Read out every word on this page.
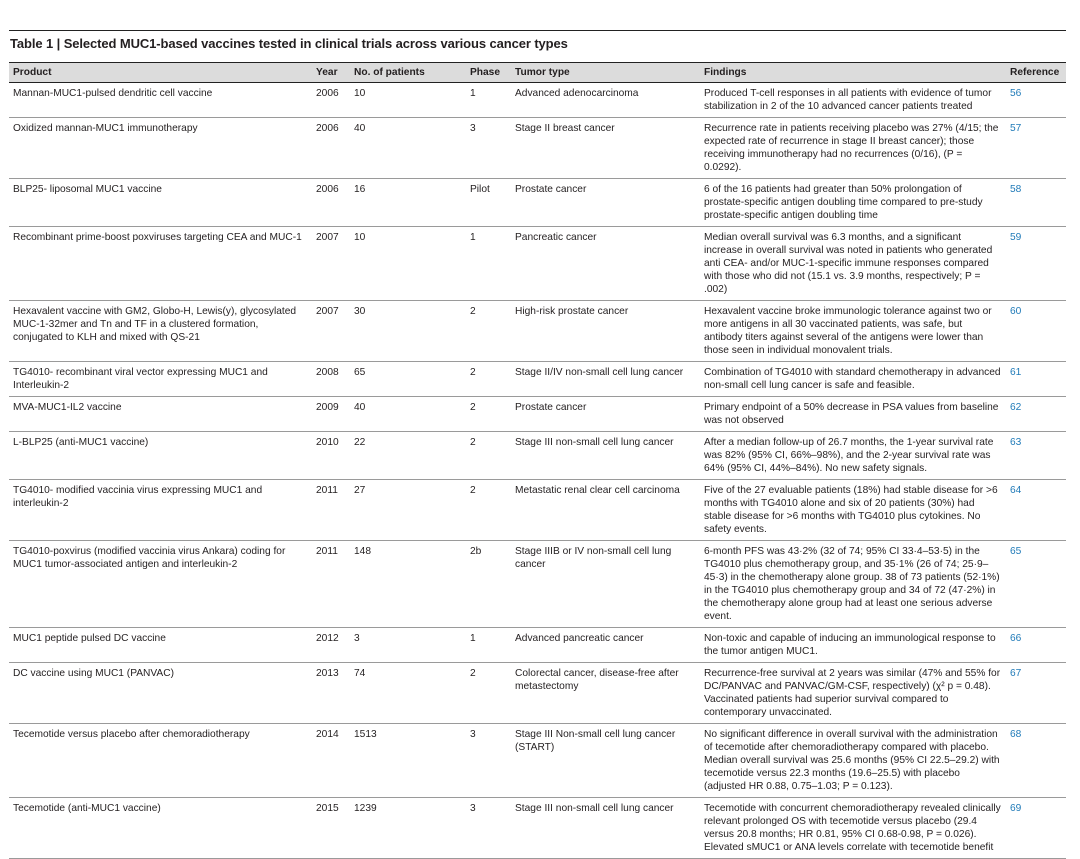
Table 1 | Selected MUC1-based vaccines tested in clinical trials across various cancer types
Product	Year	No. of patients	Phase	Tumor type	Findings	Reference
Mannan-MUC1-pulsed dendritic cell vaccine	2006	10	1	Advanced adenocarcinoma	Produced T-cell responses in all patients with evidence of tumor stabilization in 2 of the 10 advanced cancer patients treated	56
Oxidized mannan-MUC1 immunotherapy	2006	40	3	Stage II breast cancer	Recurrence rate in patients receiving placebo was 27% (4/15; the expected rate of recurrence in stage II breast cancer); those receiving immunotherapy had no recurrences (0/16), (P = 0.0292).	57
BLP25- liposomal MUC1 vaccine	2006	16	Pilot	Prostate cancer	6 of the 16 patients had greater than 50% prolongation of prostate-specific antigen doubling time compared to pre-study prostate-specific antigen doubling time	58
Recombinant prime-boost poxviruses targeting CEA and MUC-1	2007	10	1	Pancreatic cancer	Median overall survival was 6.3 months, and a significant increase in overall survival was noted in patients who generated anti CEA- and/or MUC-1-specific immune responses compared with those who did not (15.1 vs. 3.9 months, respectively; P = .002)	59
Hexavalent vaccine with GM2, Globo-H, Lewis(y), glycosylated MUC-1-32mer and Tn and TF in a clustered formation, conjugated to KLH and mixed with QS-21	2007	30	2	High-risk prostate cancer	Hexavalent vaccine broke immunologic tolerance against two or more antigens in all 30 vaccinated patients, was safe, but antibody titers against several of the antigens were lower than those seen in individual monovalent trials.	60
TG4010- recombinant viral vector expressing MUC1 and Interleukin-2	2008	65	2	Stage II/IV non-small cell lung cancer	Combination of TG4010 with standard chemotherapy in advanced non-small cell lung cancer is safe and feasible.	61
MVA-MUC1-IL2 vaccine	2009	40	2	Prostate cancer	Primary endpoint of a 50% decrease in PSA values from baseline was not observed	62
L-BLP25 (anti-MUC1 vaccine)	2010	22	2	Stage III non-small cell lung cancer	After a median follow-up of 26.7 months, the 1-year survival rate was 82% (95% CI, 66%–98%), and the 2-year survival rate was 64% (95% CI, 44%–84%). No new safety signals.	63
TG4010- modified vaccinia virus expressing MUC1 and interleukin-2	2011	27	2	Metastatic renal clear cell carcinoma	Five of the 27 evaluable patients (18%) had stable disease for >6 months with TG4010 alone and six of 20 patients (30%) had stable disease for >6 months with TG4010 plus cytokines. No safety events.	64
TG4010-poxvirus (modified vaccinia virus Ankara) coding for MUC1 tumor-associated antigen and interleukin-2	2011	148	2b	Stage IIIB or IV non-small cell lung cancer	6-month PFS was 43·2% (32 of 74; 95% CI 33·4–53·5) in the TG4010 plus chemotherapy group, and 35·1% (26 of 74; 25·9–45·3) in the chemotherapy alone group. 38 of 73 patients (52·1%) in the TG4010 plus chemotherapy group and 34 of 72 (47·2%) in the chemotherapy alone group had at least one serious adverse event.	65
MUC1 peptide pulsed DC vaccine	2012	3	1	Advanced pancreatic cancer	Non-toxic and capable of inducing an immunological response to the tumor antigen MUC1.	66
DC vaccine using MUC1 (PANVAC)	2013	74	2	Colorectal cancer, disease-free after metastectomy	Recurrence-free survival at 2 years was similar (47% and 55% for DC/PANVAC and PANVAC/GM-CSF, respectively) (χ² p = 0.48). Vaccinated patients had superior survival compared to contemporary unvaccinated.	67
Tecemotide versus placebo after chemoradiotherapy	2014	1513	3	Stage III Non-small cell lung cancer (START)	No significant difference in overall survival with the administration of tecemotide after chemoradiotherapy compared with placebo. Median overall survival was 25.6 months (95% CI 22.5–29.2) with tecemotide versus 22.3 months (19.6–25.5) with placebo (adjusted HR 0.88, 0.75–1.03; P = 0.123).	68
Tecemotide (anti-MUC1 vaccine)	2015	1239	3	Stage III non-small cell lung cancer	Tecemotide with concurrent chemoradiotherapy revealed clinically relevant prolonged OS with tecemotide versus placebo (29.4 versus 20.8 months; HR 0.81, 95% CI 0.68-0.98, P = 0.026). Elevated sMUC1 or ANA levels correlate with tecemotide benefit	69
